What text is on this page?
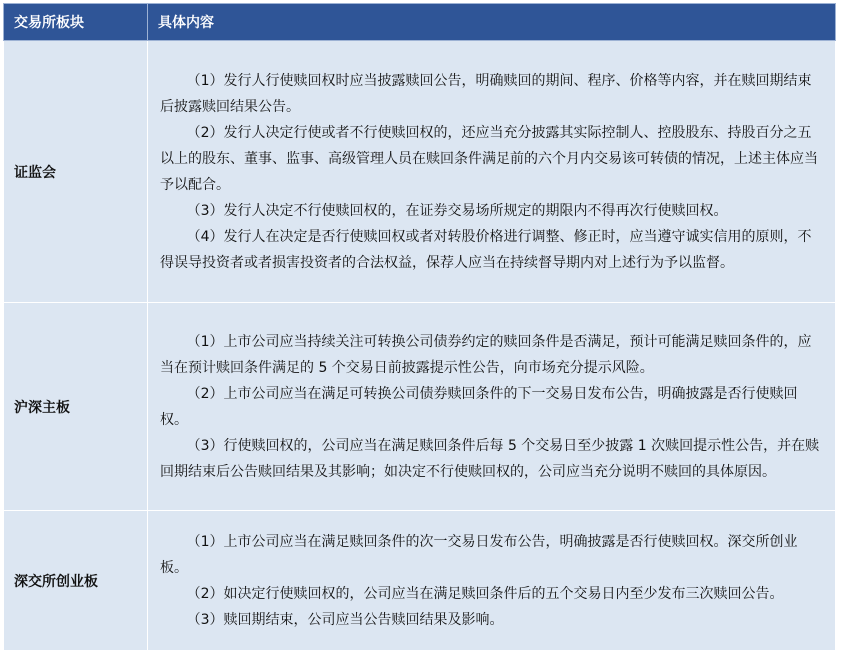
交易所板块	具体内容
证监会	（1）发行人行使赎回权时应当披露赎回公告，明确赎回的期间、程序、价格等内容，并在赎回期结束后披露赎回结果公告。

（2）发行人决定行使或者不行使赎回权的，还应当充分披露其实际控制人、控股股东、持股百分之五以上的股东、董事、监事、高级管理人员在赎回条件满足前的六个月内交易该可转债的情况，上述主体应当予以配合。

（3）发行人决定不行使赎回权的，在证券交易场所规定的期限内不得再次行使赎回权。

（4）发行人在决定是否行使赎回权或者对转股价格进行调整、修正时，应当遵守诚实信用的原则，不得误导投资者或者损害投资者的合法权益，保荐人应当在持续督导期内对上述行为予以监督。

沪深主板	（1）上市公司应当持续关注可转换公司债券约定的赎回条件是否满足，预计可能满足赎回条件的，应当在预计赎回条件满足的 5 个交易日前披露提示性公告，向市场充分提示风险。

（2）上市公司应当在满足可转换公司债券赎回条件的下一交易日发布公告，明确披露是否行使赎回权。

（3）行使赎回权的，公司应当在满足赎回条件后每 5 个交易日至少披露 1 次赎回提示性公告，并在赎回期结束后公告赎回结果及其影响；如决定不行使赎回权的，公司应当充分说明不赎回的具体原因。

深交所创业板	（1）上市公司应当在满足赎回条件的次一交易日发布公告，明确披露是否行使赎回权。深交所创业板。

（2）如决定行使赎回权的，公司应当在满足赎回条件后的五个交易日内至少发布三次赎回公告。

（3）赎回期结束，公司应当公告赎回结果及影响。
